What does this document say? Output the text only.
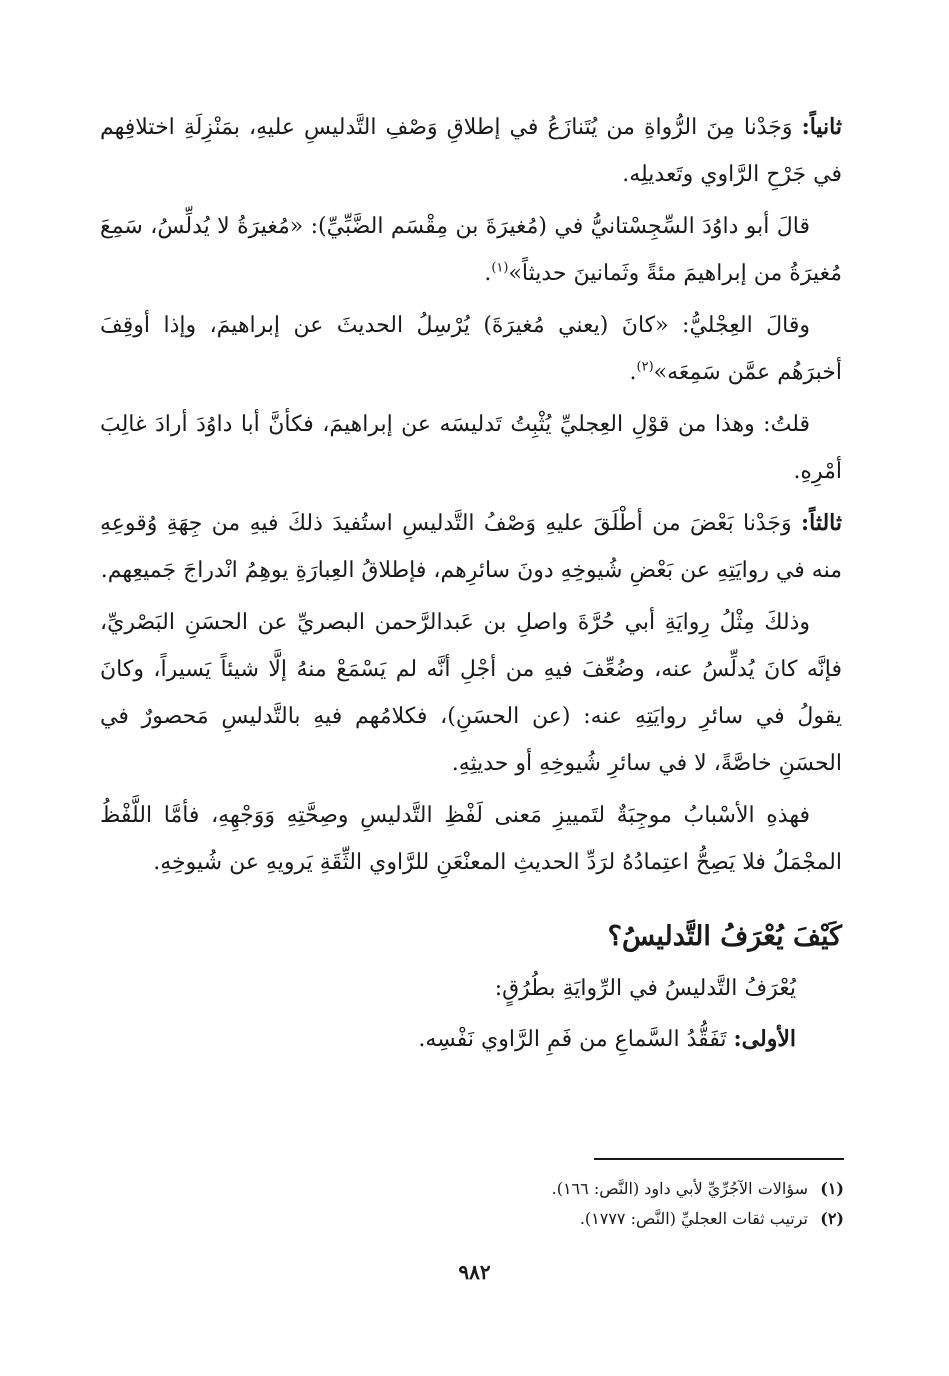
ثانياً: وَجَدْنا مِنَ الرُّواةِ من يُتَنازَعُ في إطلاقِ وَصْفِ التَّدليسِ عليهِ، بمَنْزِلَةِ اختلافِهم في جَرْحِ الرَّاوي وتَعديلِه.

قالَ أبو داوُدَ السِّجِسْتانيُّ في (مُغيرَةَ بن مِقْسَم الضَّبِّيِّ): «مُغيرَةُ لا يُدلِّسُ، سَمِعَ مُغيرَةُ من إبراهيمَ مئةً وثَمانينَ حديثاً»$^{(١)}$.

وقالَ العِجْليُّ: «كانَ (يعني مُغيرَةَ) يُرْسِلُ الحديثَ عن إبراهيمَ، وإذا أوقِفَ أخبرَهُم عمَّن سَمِعَه»$^{(٢)}$.

قلتُ: وهذا من قوْلِ العِجليِّ يُثْبِتُ تَدليسَه عن إبراهيمَ، فكأنَّ أبا داوُدَ أرادَ غالِبَ أمْرِهِ.

ثالثاً: وَجَدْنا بَعْضَ من أطْلَقَ عليهِ وَصْفُ التَّدليسِ استُفيدَ ذلكَ فيهِ من جِهَةِ وُقوعِهِ منه في روايَتِهِ عن بَعْضِ شُيوخِهِ دونَ سائرِهم، فإطلاقُ العِبارَةِ يوهِمُ انْدراجَ جَميعِهم.

وذلكَ مِثْلُ رِوايَةِ أبي حُرَّةَ واصلِ بن عَبدالرَّحمن البصريِّ عن الحسَنِ البَصْريِّ، فإنَّه كانَ يُدلِّسُ عنه، وضُعِّفَ فيهِ من أجْلِ أنَّه لم يَسْمَعْ منهُ إلَّا شيئاً يَسيراً، وكانَ يقولُ في سائرِ روايَتِهِ عنه: (عن الحسَنِ)، فكلامُهم فيهِ بالتَّدليسِ مَحصورٌ في الحسَنِ خاصَّةً، لا في سائرِ شُيوخِهِ أو حديثِهِ.

فهذهِ الأسْبابُ موجِبَةٌ لتَمييزِ مَعنى لَفْظِ التَّدليسِ وصِحَّتِهِ وَوَجْهِهِ، فأمَّا اللَّفْظُ المجْمَلُ فلا يَصِحُّ اعتِمادُهُ لرَدِّ الحديثِ المعنْعَنِ للرَّاوي الثِّقَةِ يَرويهِ عن شُيوخِهِ.

كَيْفَ يُعْرَفُ التَّدليسُ؟
يُعْرَفُ التَّدليسُ في الرِّوايَةِ بطُرُقٍ:
الأولى: تَفَقُّدُ السَّماعِ من فَمِ الرَّاوي نَفْسِه.
(١)سؤالات الآجُرِّيِّ لأبي داود (النَّص: ١٦٦).
(٢)ترتيب ثقات العجليِّ (النَّص: ١٧٧٧).
٩٨٢
